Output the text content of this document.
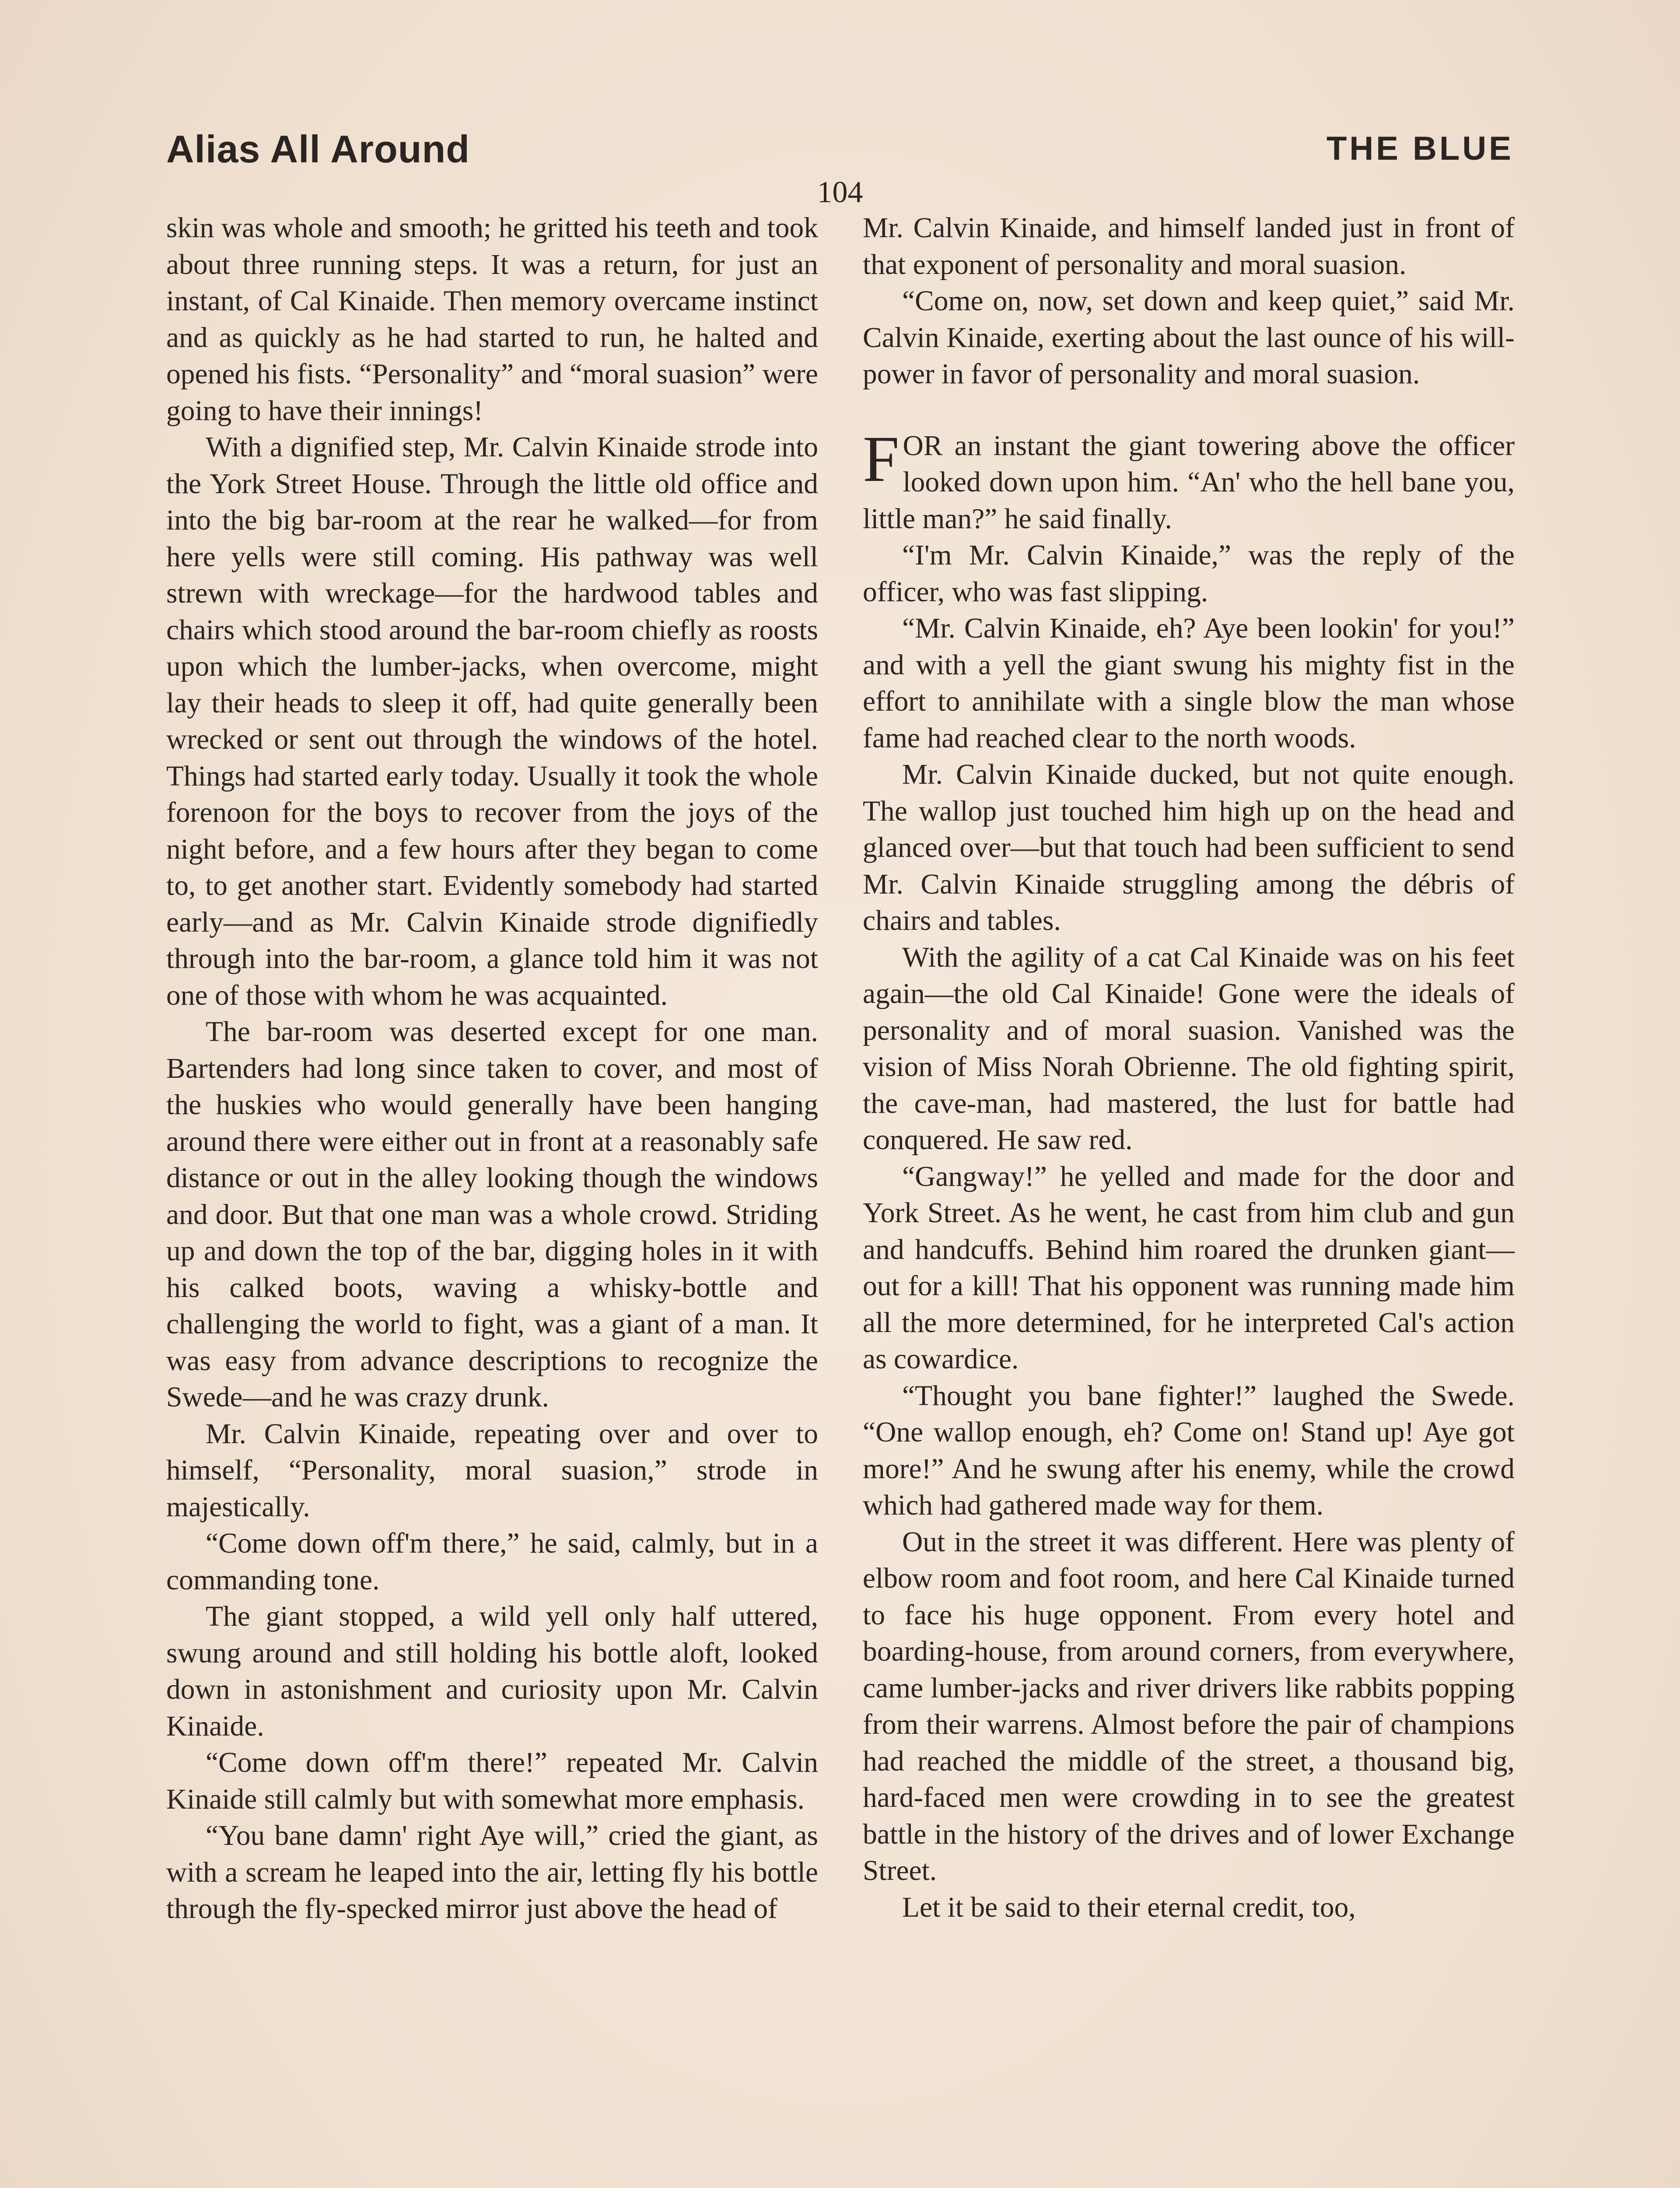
Alias All Around	THE BLUE
104

skin was whole and smooth; he gritted his teeth and took about three running steps. It was a return, for just an instant, of Cal Kinaide. Then memory overcame instinct and as quickly as he had started to run, he halted and opened his fists. “Personality” and “moral suasion” were going to have their innings!

With a dignified step, Mr. Calvin Kinaide strode into the York Street House. Through the little old office and into the big bar-room at the rear he walked—for from here yells were still coming. His pathway was well strewn with wreckage—for the hardwood tables and chairs which stood around the bar-room chiefly as roosts upon which the lumber-jacks, when overcome, might lay their heads to sleep it off, had quite generally been wrecked or sent out through the windows of the hotel. Things had started early today. Usually it took the whole forenoon for the boys to recover from the joys of the night before, and a few hours after they began to come to, to get another start. Evidently somebody had started early—and as Mr. Calvin Kinaide strode dignifiedly through into the bar-room, a glance told him it was not one of those with whom he was acquainted.

The bar-room was deserted except for one man. Bartenders had long since taken to cover, and most of the huskies who would generally have been hanging around there were either out in front at a reasonably safe distance or out in the alley looking though the windows and door. But that one man was a whole crowd. Striding up and down the top of the bar, digging holes in it with his calked boots, waving a whisky-bottle and challenging the world to fight, was a giant of a man. It was easy from advance descriptions to recognize the Swede—and he was crazy drunk.

Mr. Calvin Kinaide, repeating over and over to himself, “Personality, moral suasion,” strode in majestically.

“Come down off'm there,” he said, calmly, but in a commanding tone.

The giant stopped, a wild yell only half uttered, swung around and still holding his bottle aloft, looked down in astonishment and curiosity upon Mr. Calvin Kinaide.

“Come down off'm there!” repeated Mr. Calvin Kinaide still calmly but with somewhat more emphasis.

“You bane damn' right Aye will,” cried the giant, as with a scream he leaped into the air, letting fly his bottle through the fly-specked mirror just above the head of

Mr. Calvin Kinaide, and himself landed just in front of that exponent of personality and moral suasion.

“Come on, now, set down and keep quiet,” said Mr. Calvin Kinaide, exerting about the last ounce of his will-power in favor of personality and moral suasion.

FOR an instant the giant towering above the officer looked down upon him. “An' who the hell bane you, little man?” he said finally.

“I'm Mr. Calvin Kinaide,” was the reply of the officer, who was fast slipping.

“Mr. Calvin Kinaide, eh? Aye been lookin' for you!” and with a yell the giant swung his mighty fist in the effort to annihilate with a single blow the man whose fame had reached clear to the north woods.

Mr. Calvin Kinaide ducked, but not quite enough. The wallop just touched him high up on the head and glanced over—but that touch had been sufficient to send Mr. Calvin Kinaide struggling among the débris of chairs and tables.

With the agility of a cat Cal Kinaide was on his feet again—the old Cal Kinaide! Gone were the ideals of personality and of moral suasion. Vanished was the vision of Miss Norah Obrienne. The old fighting spirit, the cave-man, had mastered, the lust for battle had conquered. He saw red.

“Gangway!” he yelled and made for the door and York Street. As he went, he cast from him club and gun and handcuffs. Behind him roared the drunken giant—out for a kill! That his opponent was running made him all the more determined, for he interpreted Cal's action as cowardice.

“Thought you bane fighter!” laughed the Swede. “One wallop enough, eh? Come on! Stand up! Aye got more!” And he swung after his enemy, while the crowd which had gathered made way for them.

Out in the street it was different. Here was plenty of elbow room and foot room, and here Cal Kinaide turned to face his huge opponent. From every hotel and boarding-house, from around corners, from everywhere, came lumber-jacks and river drivers like rabbits popping from their warrens. Almost before the pair of champions had reached the middle of the street, a thousand big, hard-faced men were crowding in to see the greatest battle in the history of the drives and of lower Exchange Street.

Let it be said to their eternal credit, too,
